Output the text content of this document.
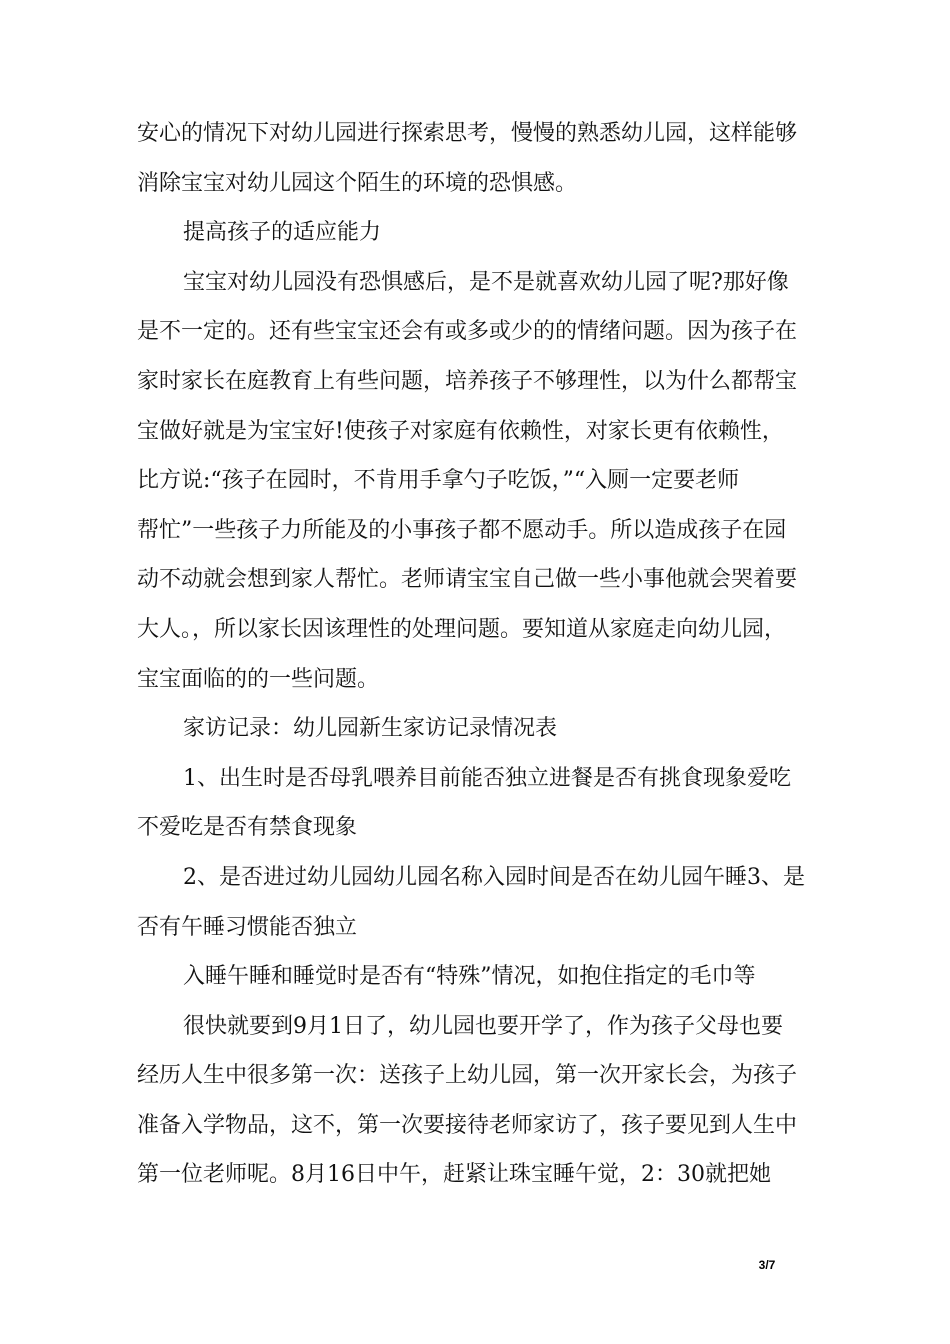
安心的情况下对幼儿园进行探索思考，慢慢的熟悉幼儿园，这样能够
消除宝宝对幼儿园这个陌生的环境的恐惧感。
提高孩子的适应能力
宝宝对幼儿园没有恐惧感后，是不是就喜欢幼儿园了呢?那好像
是不一定的。还有些宝宝还会有或多或少的的情绪问题。因为孩子在
家时家长在庭教育上有些问题，培养孩子不够理性，以为什么都帮宝
宝做好就是为宝宝好!使孩子对家庭有依赖性，对家长更有依赖性，
比方说:“孩子在园时，不肯用手拿勺子吃饭，”“入厕一定要老师
帮忙”一些孩子力所能及的小事孩子都不愿动手。所以造成孩子在园
动不动就会想到家人帮忙。老师请宝宝自己做一些小事他就会哭着要
大人。，所以家长因该理性的处理问题。要知道从家庭走向幼儿园，
宝宝面临的的一些问题。
家访记录：幼儿园新生家访记录情况表
1、出生时是否母乳喂养目前能否独立进餐是否有挑食现象爱吃
不爱吃是否有禁食现象
2、是否进过幼儿园幼儿园名称入园时间是否在幼儿园午睡3、是
否有午睡习惯能否独立
入睡午睡和睡觉时是否有“特殊”情况，如抱住指定的毛巾等
很快就要到9月1日了，幼儿园也要开学了，作为孩子父母也要
经历人生中很多第一次：送孩子上幼儿园，第一次开家长会，为孩子
准备入学物品，这不，第一次要接待老师家访了，孩子要见到人生中
第一位老师呢。8月16日中午，赶紧让珠宝睡午觉，2：30就把她
3/7
